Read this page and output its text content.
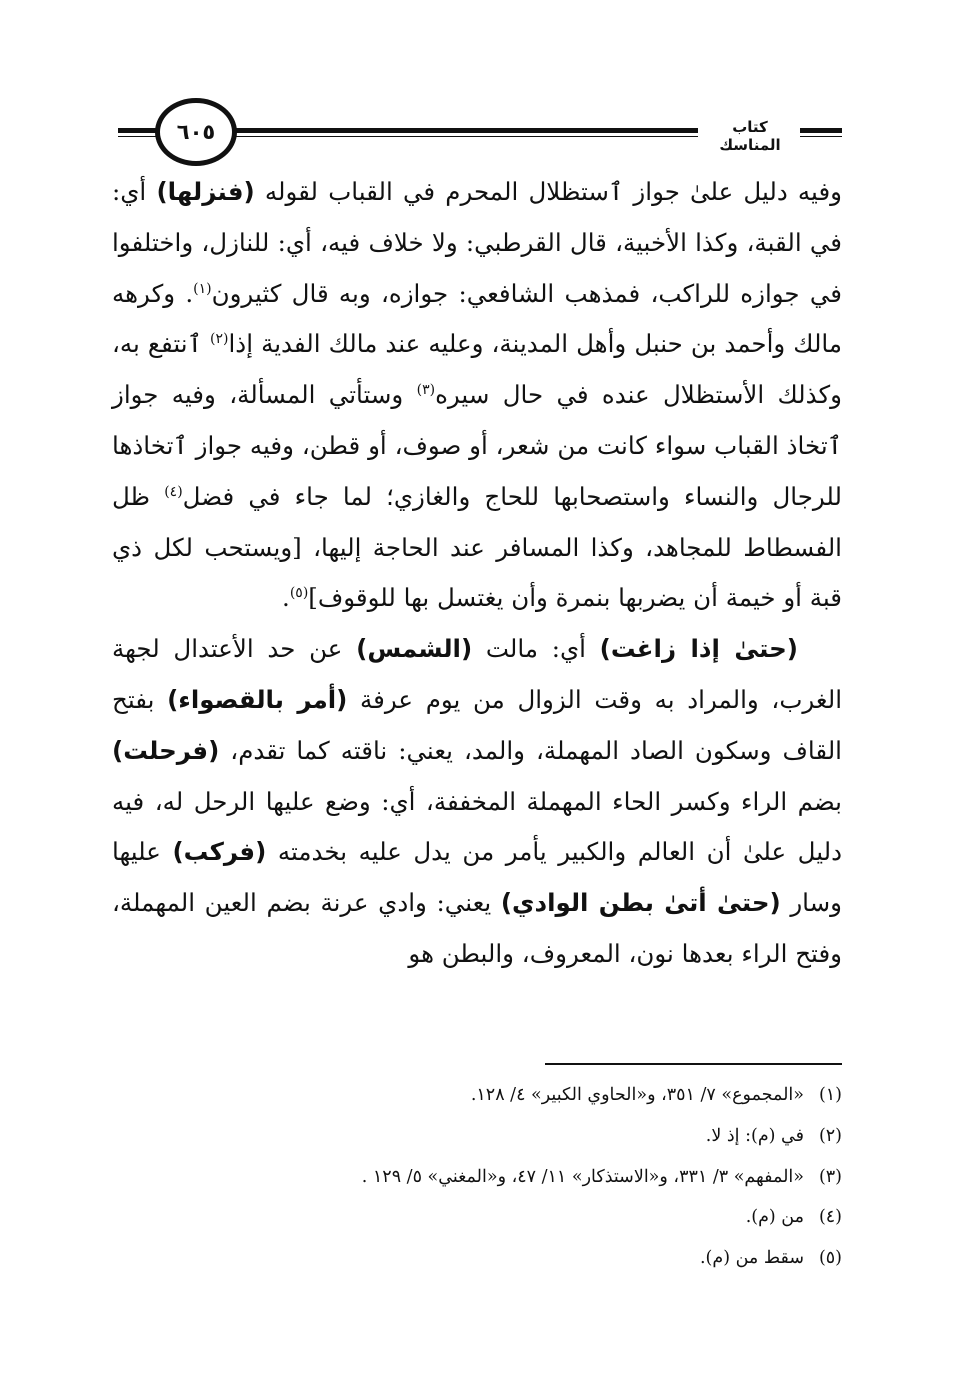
٦٠٥	كتاب المناسك

وفيه دليل علىٰ جواز ٱستظلال المحرم في القباب لقوله (فنزلها) أي: في القبة، وكذا الأخبية، قال القرطبي: ولا خلاف فيه، أي: للنازل، واختلفوا في جوازه للراكب، فمذهب الشافعي: جوازه، وبه قال كثيرون$^{(١)}$. وكرهه مالك وأحمد بن حنبل وأهل المدينة، وعليه عند مالك الفدية إذا$^{(٢)}$ ٱنتفع به، وكذلك الأستظلال عنده في حال سيره$^{(٣)}$ وستأتي المسألة، وفيه جواز ٱتخاذ القباب سواء كانت من شعر، أو صوف، أو قطن، وفيه جواز ٱتخاذها للرجال والنساء واستصحابها للحاج والغازي؛ لما جاء في فضل$^{(٤)}$ ظل الفسطاط للمجاهد، وكذا المسافر عند الحاجة إليها، [ويستحب لكل ذي قبة أو خيمة أن يضربها بنمرة وأن يغتسل بها للوقوف]$^{(٥)}$.

(حتىٰ إذا زاغت) أي: مالت (الشمس) عن حد الأعتدال لجهة الغرب، والمراد به وقت الزوال من يوم عرفة (أمر بالقصواء) بفتح القاف وسكون الصاد المهملة، والمد، يعني: ناقته كما تقدم، (فرحلت) بضم الراء وكسر الحاء المهملة المخففة، أي: وضع عليها الرحل له، فيه دليل علىٰ أن العالم والكبير يأمر من يدل عليه بخدمته (فركب) عليها وسار (حتىٰ أتىٰ بطن الوادي) يعني: وادي عرنة بضم العين المهملة، وفتح الراء بعدها نون، المعروف، والبطن هو

(١)«المجموع» ٧/ ٣٥١، و«الحاوي الكبير» ٤/ ١٢٨.
(٢)في (م): إذ لا.
(٣)«المفهم» ٣/ ٣٣١، و«الاستذكار» ١١/ ٤٧، و«المغني» ٥/ ١٢٩ .
(٤)من (م).
(٥)سقط من (م).
